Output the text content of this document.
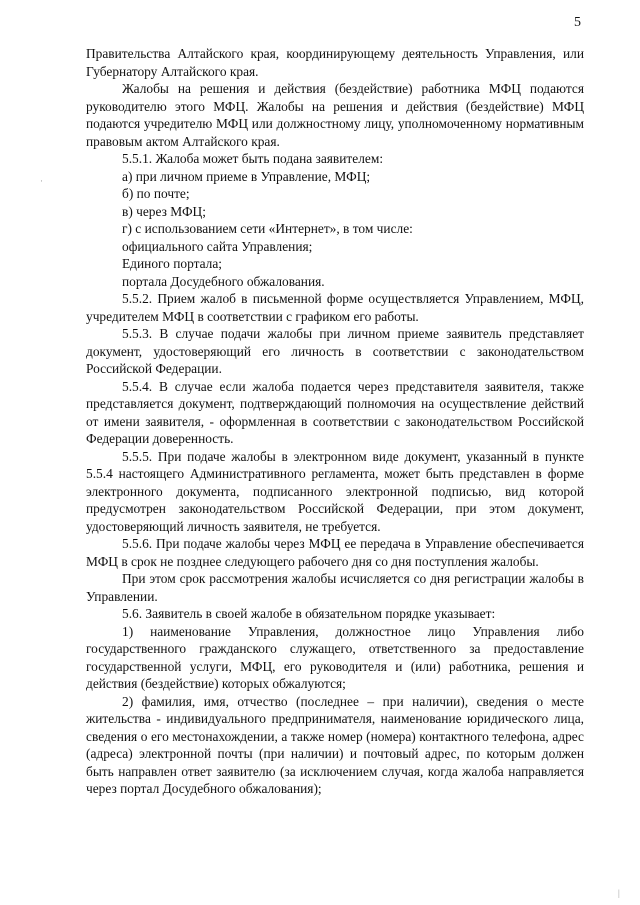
5
·
|

Правительства Алтайского края, координирующему деятельность Управления, или Губернатору Алтайского края.

Жалобы на решения и действия (бездействие) работника МФЦ подаются руководителю этого МФЦ. Жалобы на решения и действия (бездействие) МФЦ подаются учредителю МФЦ или должностному лицу, уполномоченному нормативным правовым актом Алтайского края.

5.5.1. Жалоба может быть подана заявителем:

а) при личном приеме в Управление, МФЦ;

б) по почте;

в) через МФЦ;

г) с использованием сети «Интернет», в том числе:

официального сайта Управления;

Единого портала;

портала Досудебного обжалования.

5.5.2. Прием жалоб в письменной форме осуществляется Управлением, МФЦ, учредителем МФЦ в соответствии с графиком его работы.

5.5.3. В случае подачи жалобы при личном приеме заявитель представляет документ, удостоверяющий его личность в соответствии с законодательством Российской Федерации.

5.5.4. В случае если жалоба подается через представителя заявителя, также представляется документ, подтверждающий полномочия на осуществление действий от имени заявителя, - оформленная в соответствии с законодательством Российской Федерации доверенность.

5.5.5. При подаче жалобы в электронном виде документ, указанный в пункте 5.5.4 настоящего Административного регламента, может быть представлен в форме электронного документа, подписанного электронной подписью, вид которой предусмотрен законодательством Российской Федерации, при этом документ, удостоверяющий личность заявителя, не требуется.

5.5.6. При подаче жалобы через МФЦ ее передача в Управление обеспечивается МФЦ в срок не позднее следующего рабочего дня со дня поступления жалобы.

При этом срок рассмотрения жалобы исчисляется со дня регистрации жалобы в Управлении.

5.6. Заявитель в своей жалобе в обязательном порядке указывает:

1) наименование Управления, должностное лицо Управления либо государственного гражданского служащего, ответственного за предоставление государственной услуги, МФЦ, его руководителя и (или) работника, решения и действия (бездействие) которых обжалуются;

2) фамилия, имя, отчество (последнее – при наличии), сведения о месте жительства - индивидуального предпринимателя, наименование юридического лица, сведения о его местонахождении, а также номер (номера) контактного телефона, адрес (адреса) электронной почты (при наличии) и почтовый адрес, по которым должен быть направлен ответ заявителю (за исключением случая, когда жалоба направляется через портал Досудебного обжалования);
